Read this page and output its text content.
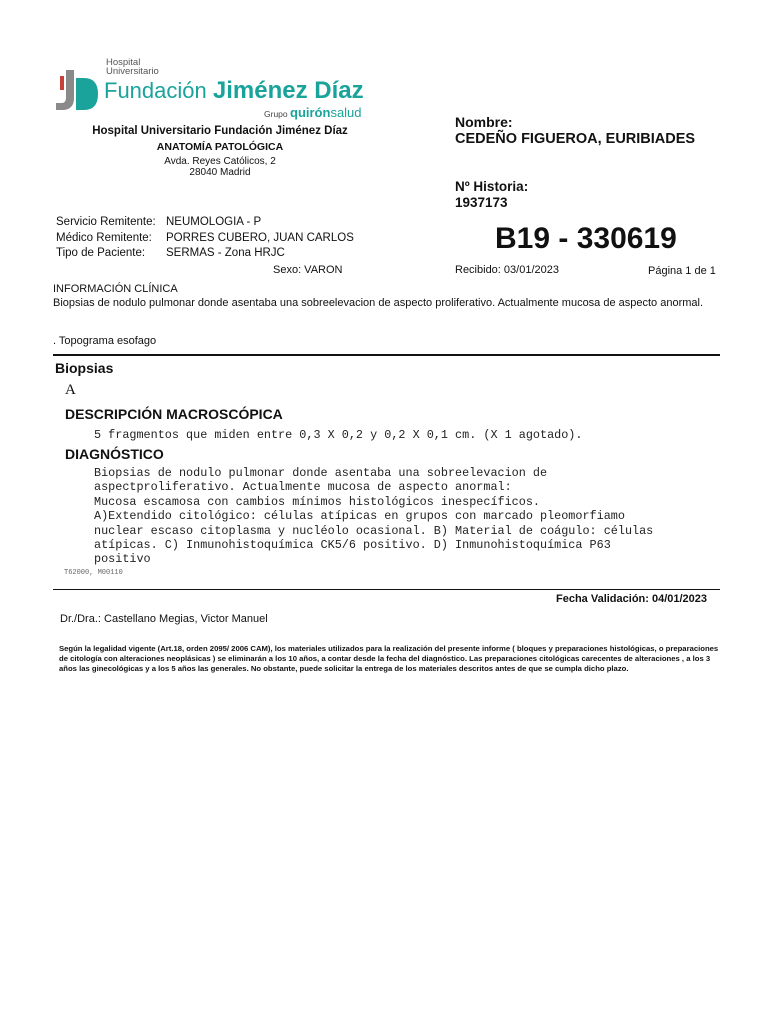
Hospital
Universitario
Fundación Jiménez Díaz
Grupo quirónsalud
Hospital Universitario Fundación Jiménez Díaz
ANATOMÍA PATOLÓGICA
Avda. Reyes Católicos, 2
28040 Madrid
Nombre:
CEDEÑO FIGUEROA, EURIBIADES
Nº Historia:
1937173
B19 - 330619
Recibido: 03/01/2023	Página 1 de 1
Servicio Remitente: NEUMOLOGIA - P
Médico Remitente: PORRES CUBERO, JUAN CARLOS
Tipo de Paciente: SERMAS - Zona HRJC
Sexo: VARON
INFORMACIÓN CLÍNICA
Biopsias de nodulo pulmonar donde asentaba una sobreelevacion de aspecto proliferativo. Actualmente mucosa de aspecto anormal.
. Topograma esofago
Biopsias
A
DESCRIPCIÓN MACROSCÓPICA
5 fragmentos que miden entre 0,3 X 0,2 y 0,2 X 0,1 cm. (X 1 agotado).
DIAGNÓSTICO
Biopsias de nodulo pulmonar donde asentaba una sobreelevacion de
aspectproliferativo. Actualmente mucosa de aspecto anormal:
Mucosa escamosa con cambios mínimos histológicos inespecíficos.
A)Extendido citológico: células atípicas en grupos con marcado pleomorfiamo
nuclear escaso citoplasma y nucléolo ocasional. B) Material de coágulo: células
atípicas. C) Inmunohistoquímica CK5/6 positivo. D) Inmunohistoquímica P63
positivo
T62000, M00110
Fecha Validación: 04/01/2023
Dr./Dra.: Castellano Megias, Victor Manuel
Según la legalidad vigente (Art.18, orden 2095/ 2006 CAM), los materiales utilizados para la realización del presente informe ( bloques y preparaciones histológicas, o preparaciones de citología con alteraciones neoplásicas ) se eliminarán a los 10 años, a contar desde la fecha del diagnóstico. Las preparaciones citológicas carecentes de alteraciones , a los 3 años las ginecológicas y a los 5 años las generales. No obstante, puede solicitar la entrega de los materiales descritos antes de que se cumpla dicho plazo.
